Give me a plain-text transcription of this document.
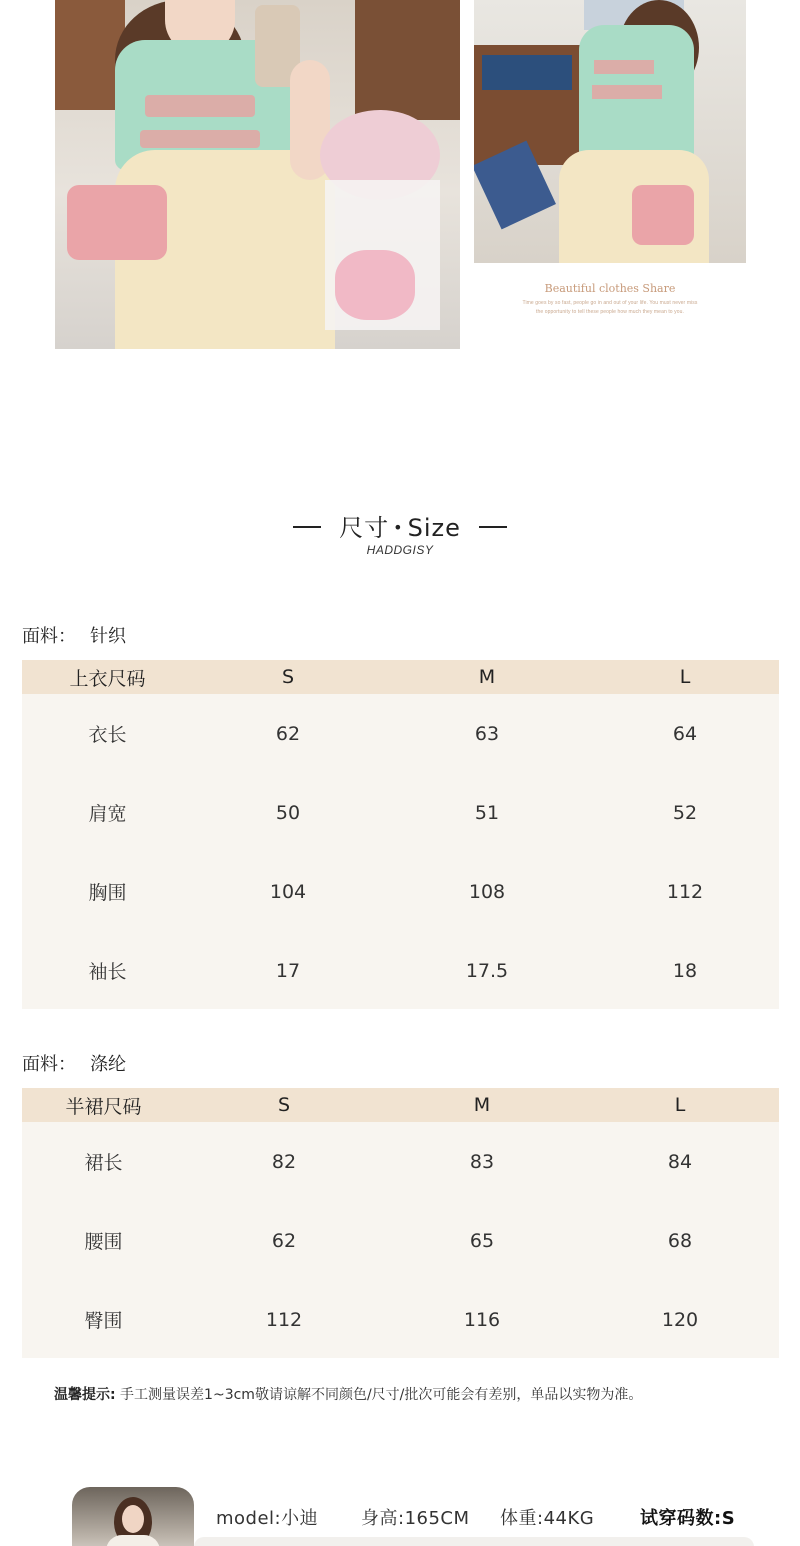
Beautiful clothes Share
Time goes by so fast, people go in and out of your life. You must never miss
the opportunity to tell these people how much they mean to you.
尺寸 • Size
HADDGISY
面料： 针织
上衣尺码	S	M	L
衣长	62	63	64
肩宽	50	51	52
胸围	104	108	112
袖长	17	17.5	18
面料： 涤纶
半裙尺码	S	M	L
裙长	82	83	84
腰围	62	65	68
臀围	112	116	120
温馨提示: 手工测量误差1~3cm敬请谅解不同颜色/尺寸/批次可能会有差别，单品以实物为准。
model:小迪 身高:165CM 体重:44KG	试穿码数:S
